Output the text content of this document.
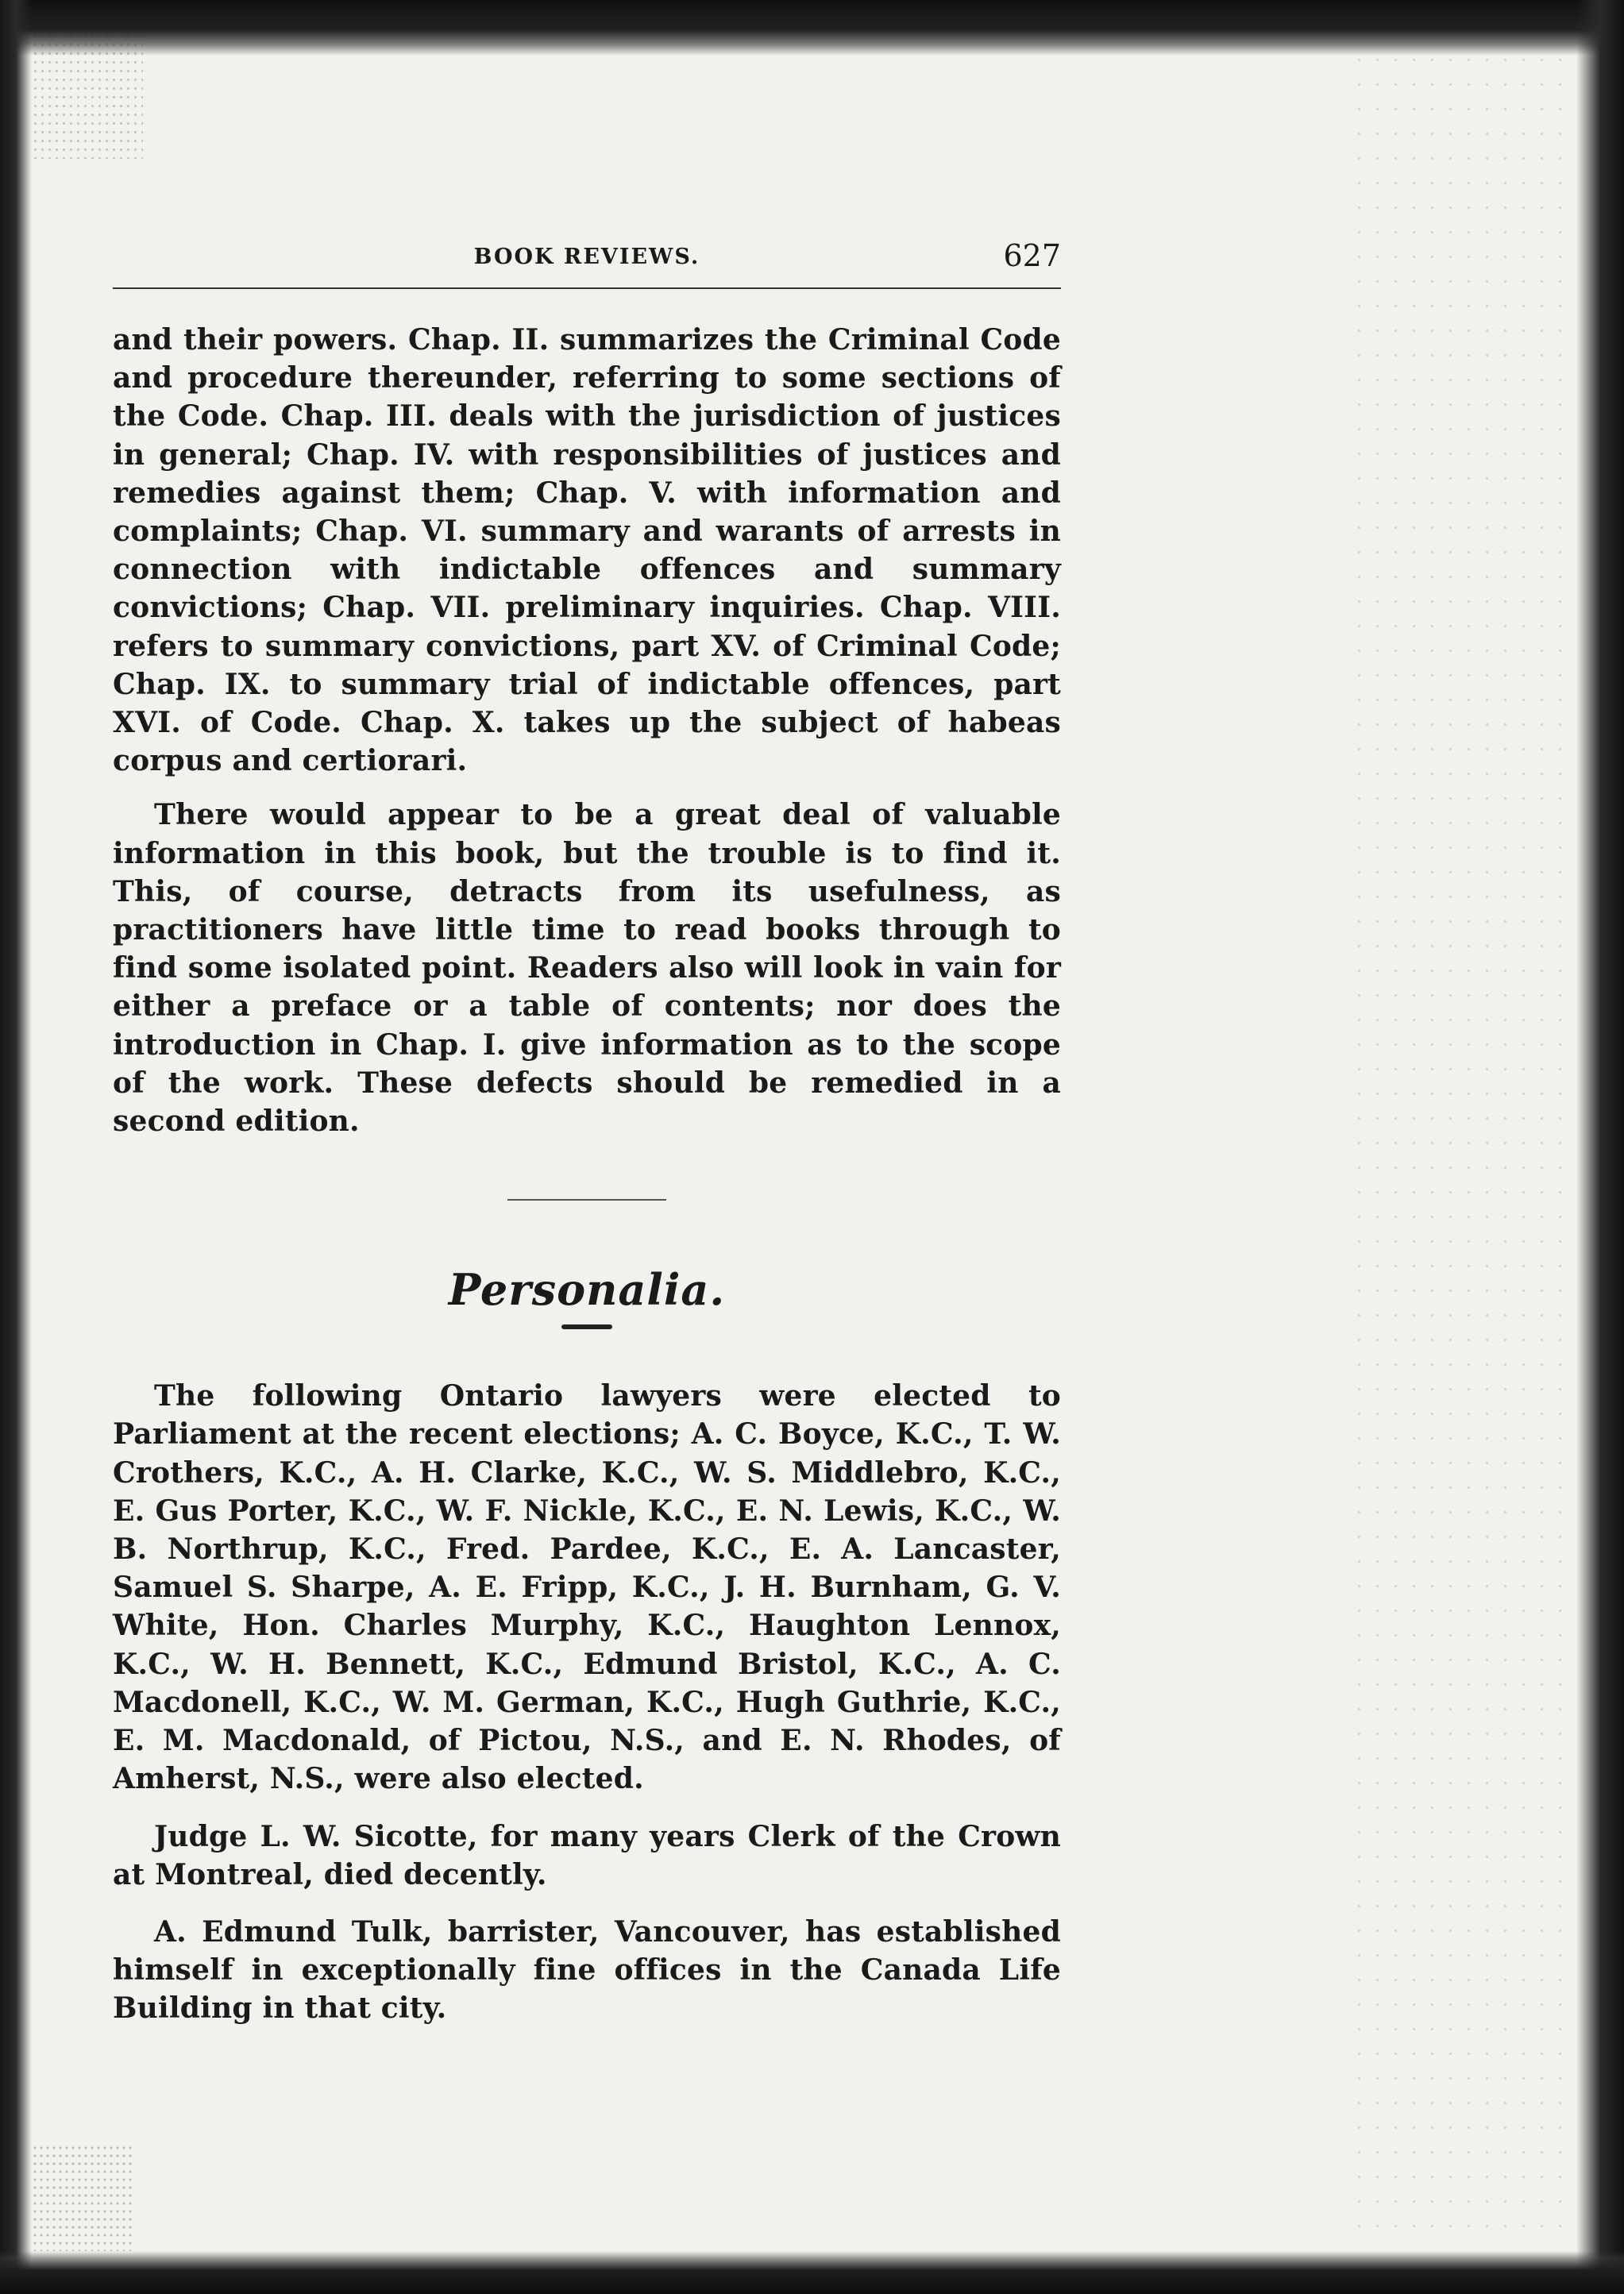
BOOK REVIEWS.	627

and their powers. Chap. II. summarizes the Criminal Code and procedure thereunder, referring to some sections of the Code. Chap. III. deals with the jurisdiction of justices in general; Chap. IV. with responsibilities of justices and remedies against them; Chap. V. with information and complaints; Chap. VI. summary and warants of arrests in connection with indictable offences and summary convictions; Chap. VII. preliminary inquiries. Chap. VIII. refers to summary convictions, part XV. of Criminal Code; Chap. IX. to summary trial of indictable offences, part XVI. of Code. Chap. X. takes up the subject of habeas corpus and certiorari.

There would appear to be a great deal of valuable information in this book, but the trouble is to find it. This, of course, detracts from its usefulness, as practitioners have little time to read books through to find some isolated point. Readers also will look in vain for either a preface or a table of contents; nor does the introduction in Chap. I. give information as to the scope of the work. These defects should be remedied in a second edition.

Personalia.

The following Ontario lawyers were elected to Parliament at the recent elections; A. C. Boyce, K.C., T. W. Crothers, K.C., A. H. Clarke, K.C., W. S. Middlebro, K.C., E. Gus Porter, K.C., W. F. Nickle, K.C., E. N. Lewis, K.C., W. B. Northrup, K.C., Fred. Pardee, K.C., E. A. Lancaster, Samuel S. Sharpe, A. E. Fripp, K.C., J. H. Burnham, G. V. White, Hon. Charles Murphy, K.C., Haughton Lennox, K.C., W. H. Bennett, K.C., Edmund Bristol, K.C., A. C. Macdonell, K.C., W. M. German, K.C., Hugh Guthrie, K.C., E. M. Macdonald, of Pictou, N.S., and E. N. Rhodes, of Amherst, N.S., were also elected.

Judge L. W. Sicotte, for many years Clerk of the Crown at Montreal, died decently.

A. Edmund Tulk, barrister, Vancouver, has established himself in exceptionally fine offices in the Canada Life Building in that city.
